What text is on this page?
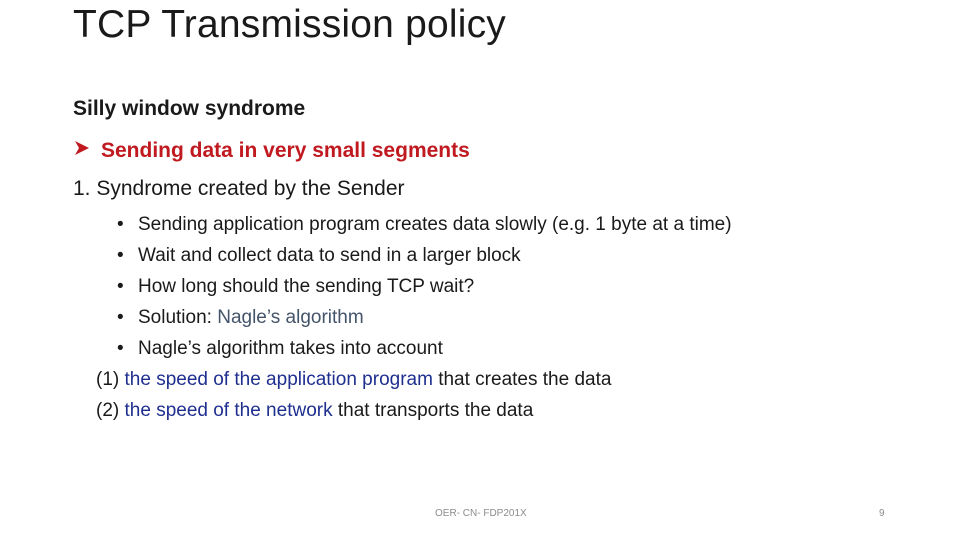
TCP Transmission policy
Silly window syndrome
Sending data in very small segments
1. Syndrome created by the Sender
• Sending application program creates data slowly (e.g. 1 byte at a time)
• Wait and collect data to send in a larger block
• How long should the sending TCP wait?
• Solution: Nagle’s algorithm
• Nagle’s algorithm takes into account
(1) the speed of the application program that creates the data
(2) the speed of the network that transports the data
OER- CN- FDP201X	9
